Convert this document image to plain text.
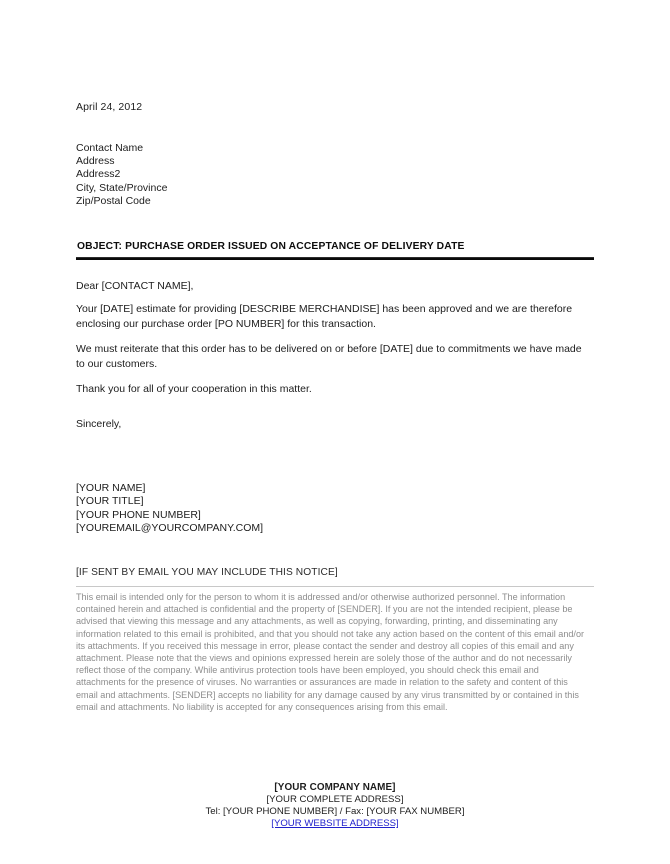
April 24, 2012
Contact Name
Address
Address2
City, State/Province
Zip/Postal Code
OBJECT: PURCHASE ORDER ISSUED ON ACCEPTANCE OF DELIVERY DATE
Dear [CONTACT NAME],

Your [DATE] estimate for providing [DESCRIBE MERCHANDISE] has been approved and we are therefore enclosing our purchase order [PO NUMBER] for this transaction.

We must reiterate that this order has to be delivered on or before [DATE] due to commitments we have made to our customers.

Thank you for all of your cooperation in this matter.

Sincerely,
[YOUR NAME]
[YOUR TITLE]
[YOUR PHONE NUMBER]
[YOUREMAIL@YOURCOMPANY.COM]
[IF SENT BY EMAIL YOU MAY INCLUDE THIS NOTICE]
This email is intended only for the person to whom it is addressed and/or otherwise authorized personnel. The information contained herein and attached is confidential and the property of [SENDER]. If you are not the intended recipient, please be advised that viewing this message and any attachments, as well as copying, forwarding, printing, and disseminating any information related to this email is prohibited, and that you should not take any action based on the content of this email and/or its attachments. If you received this message in error, please contact the sender and destroy all copies of this email and any attachment. Please note that the views and opinions expressed herein are solely those of the author and do not necessarily reflect those of the company. While antivirus protection tools have been employed, you should check this email and attachments for the presence of viruses. No warranties or assurances are made in relation to the safety and content of this email and attachments. [SENDER] accepts no liability for any damage caused by any virus transmitted by or contained in this email and attachments. No liability is accepted for any consequences arising from this email.
[YOUR COMPANY NAME]
[YOUR COMPLETE ADDRESS]
Tel: [YOUR PHONE NUMBER] / Fax: [YOUR FAX NUMBER]
[YOUR WEBSITE ADDRESS]
